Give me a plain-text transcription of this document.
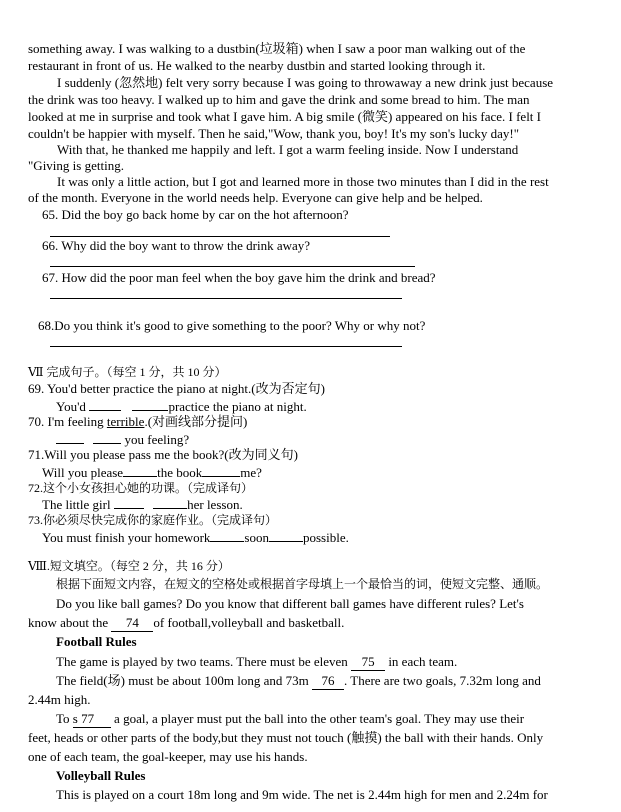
something away. I was walking to a dustbin(垃圾箱) when I saw a poor man walking out of the
restaurant in front of us. He walked to the nearby dustbin and started looking through it.
I suddenly (忽然地) felt very sorry because I was going to throwaway a new drink just because
the drink was too heavy. I walked up to him and gave the drink and some bread to him. The man
looked at me in surprise and took what I gave him. A big smile (微笑) appeared on his face. I felt I
couldn't be happier with myself. Then he said,"Wow, thank you, boy! It's my son's lucky day!"
With that, he thanked me happily and left. I got a warm feeling inside. Now I understand
"Giving is getting.
It was only a little action, but I got and learned more in those two minutes than I did in the rest
of the month. Everyone in the world needs help. Everyone can give help and be helped.
65. Did the boy go back home by car on the hot afternoon?
66. Why did the boy want to throw the drink away?
67. How did the poor man feel when the boy gave him the drink and bread?
68.Do you think it's good to give something to the poor? Why or why not?
Ⅶ 完成句子。（每空 1 分，共 10 分）
69. You'd better practice the piano at night.(改为否定句)
You'd	practice the piano at night.
70. I'm feeling terrible.(对画线部分提问)
you feeling?
71.Will you please pass me the book?(改为同义句)
Will you please	the book	me?
72.这个小女孩担心她的功课。（完成译句）
The little girl	her lesson.
73.你必须尽快完成你的家庭作业。（完成译句）
You must finish your homework	soon	possible.
Ⅷ.短文填空。（每空 2 分，共 16 分）
根据下面短文内容，在短文的空格处或根据首字母填上一个最恰当的词，使短文完整、通顺。
Do you like ball games? Do you know that different ball games have different rules? Let's
know about the 74 of football,volleyball and basketball.
Football Rules
The game is played by two teams. There must be eleven 75 in each team.
The field(场) must be about 100m long and 73m 76 . There are two goals, 7.32m long and
2.44m high.
To s 77 a goal, a player must put the ball into the other team's goal. They may use their
feet, heads or other parts of the body,but they must not touch (触摸) the ball with their hands. Only
one of each team, the goal-keeper, may use his hands.
Volleyball Rules
This is played on a court 18m long and 9m wide. The net is 2.44m high for men and 2.24m for
